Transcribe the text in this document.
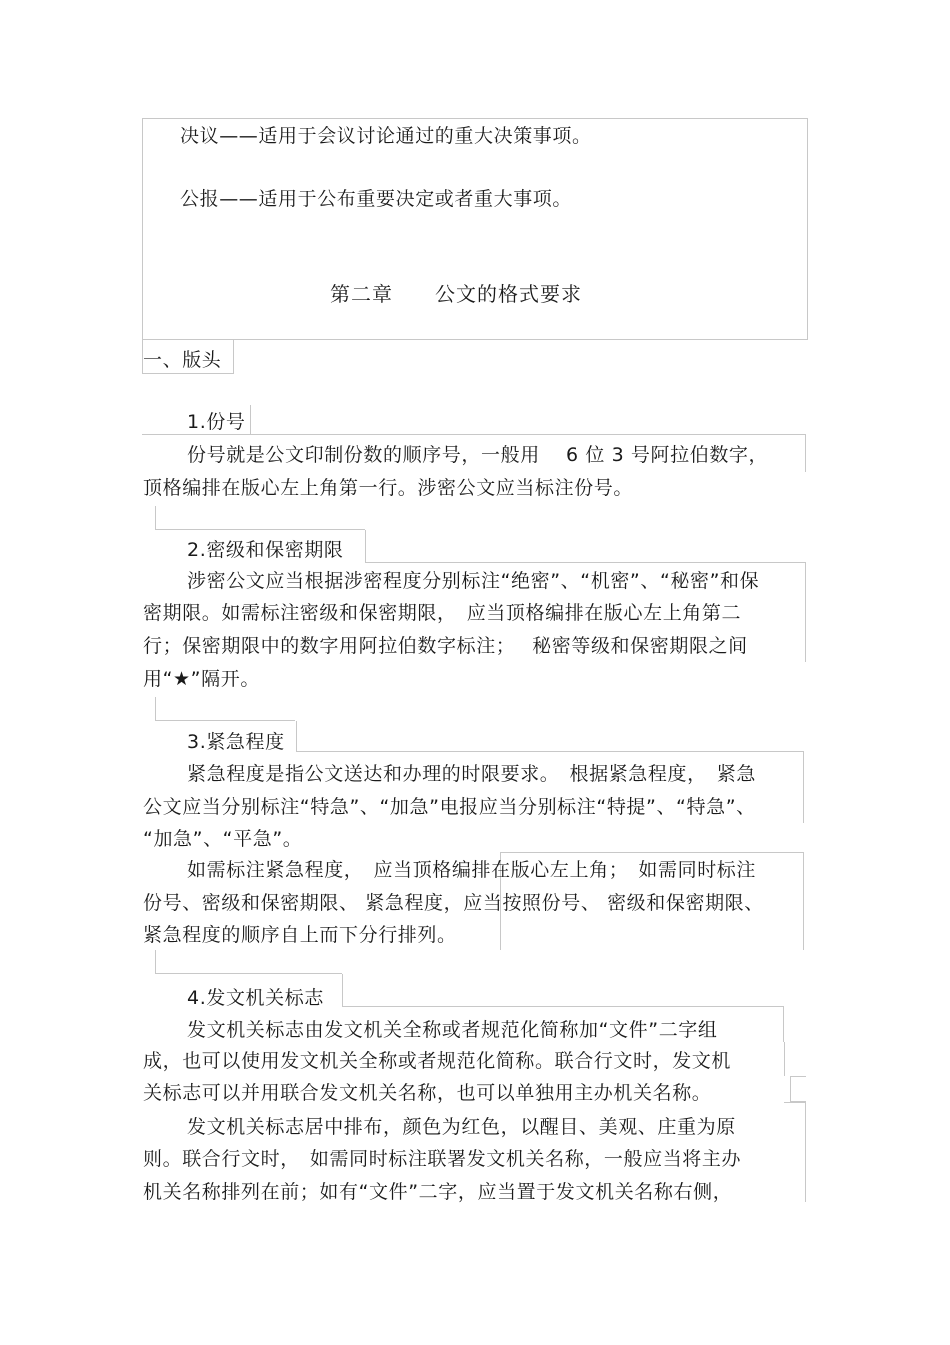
决议——适用于会议讨论通过的重大决策事项。
公报——适用于公布重要决定或者重大事项。
第二章　　公文的格式要求
一、版头
1.份号
份号就是公文印制份数的顺序号，一般用　 6 位 3 号阿拉伯数字，
顶格编排在版心左上角第一行。涉密公文应当标注份号。
2.密级和保密期限
涉密公文应当根据涉密程度分别标注“绝密”、“机密”、“秘密”和保
密期限。如需标注密级和保密期限，　应当顶格编排在版心左上角第二
行；保密期限中的数字用阿拉伯数字标注；　 秘密等级和保密期限之间
用“★”隔开。
3.紧急程度
紧急程度是指公文送达和办理的时限要求。　根据紧急程度，　紧急
公文应当分别标注“特急”、“加急”电报应当分别标注“特提”、“特急”、
“加急”、“平急”。
如需标注紧急程度，　应当顶格编排在版心左上角；　如需同时标注
份号、密级和保密期限、 紧急程度，应当按照份号、 密级和保密期限、
紧急程度的顺序自上而下分行排列。
4.发文机关标志
发文机关标志由发文机关全称或者规范化简称加“文件”二字组
成，也可以使用发文机关全称或者规范化简称。联合行文时，发文机
关标志可以并用联合发文机关名称，也可以单独用主办机关名称。
发文机关标志居中排布，颜色为红色，以醒目、美观、庄重为原
则。联合行文时，　如需同时标注联署发文机关名称，一般应当将主办
机关名称排列在前；如有“文件”二字，应当置于发文机关名称右侧，
